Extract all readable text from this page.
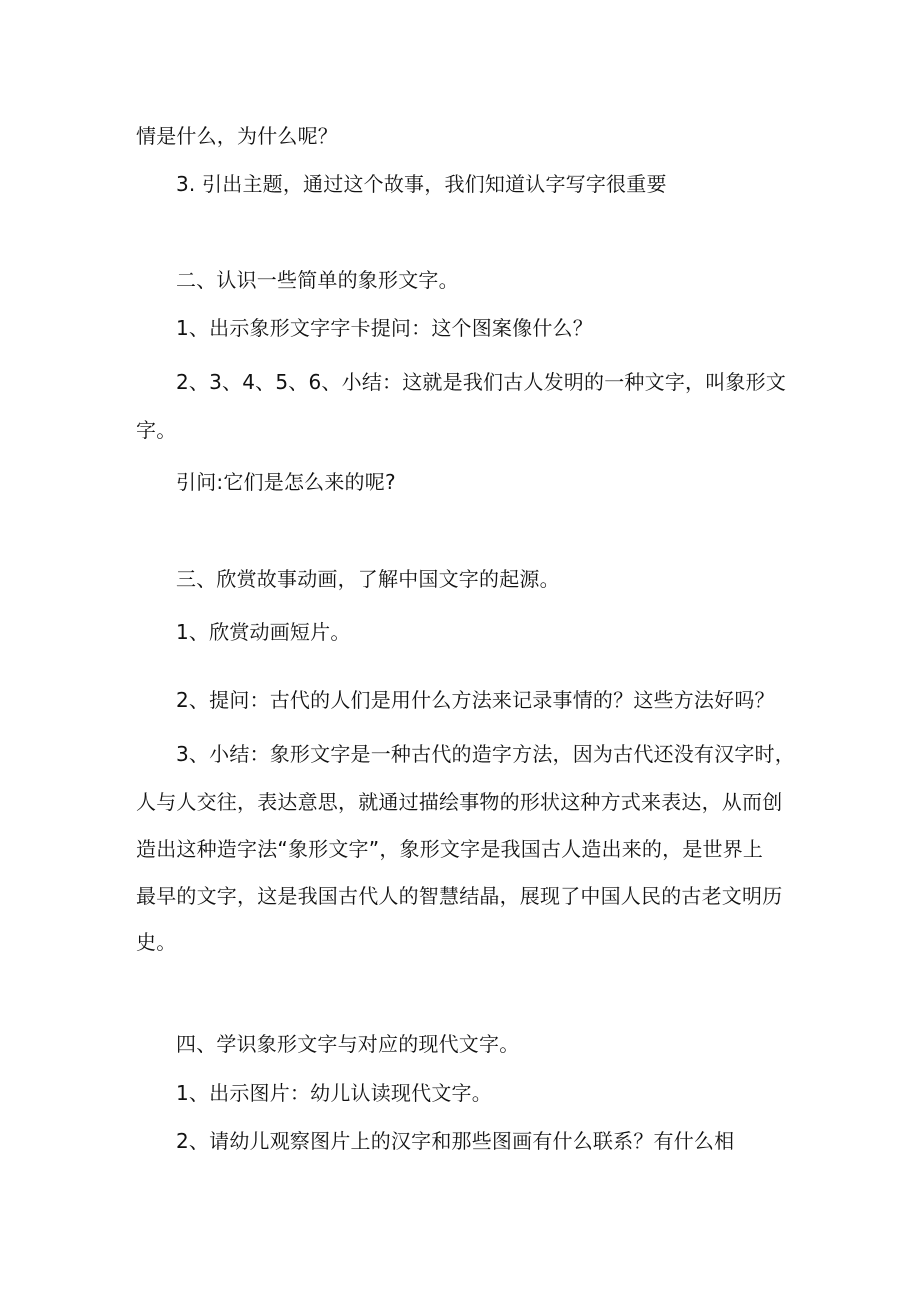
情是什么，为什么呢？
3. 引出主题，通过这个故事，我们知道认字写字很重要
二、认识一些简单的象形文字。
1、出示象形文字字卡提问：这个图案像什么？
2、3、4、5、6、小结：这就是我们古人发明的一种文字，叫象形文
字。
引问:它们是怎么来的呢?
三、欣赏故事动画，了解中国文字的起源。
1、欣赏动画短片。
2、提问：古代的人们是用什么方法来记录事情的？这些方法好吗？
3、小结：象形文字是一种古代的造字方法，因为古代还没有汉字时，
人与人交往，表达意思，就通过描绘事物的形状这种方式来表达，从而创
造出这种造字法“象形文字”，象形文字是我国古人造出来的，是世界上
最早的文字，这是我国古代人的智慧结晶，展现了中国人民的古老文明历
史。
四、学识象形文字与对应的现代文字。
1、出示图片：幼儿认读现代文字。
2、请幼儿观察图片上的汉字和那些图画有什么联系？有什么相
